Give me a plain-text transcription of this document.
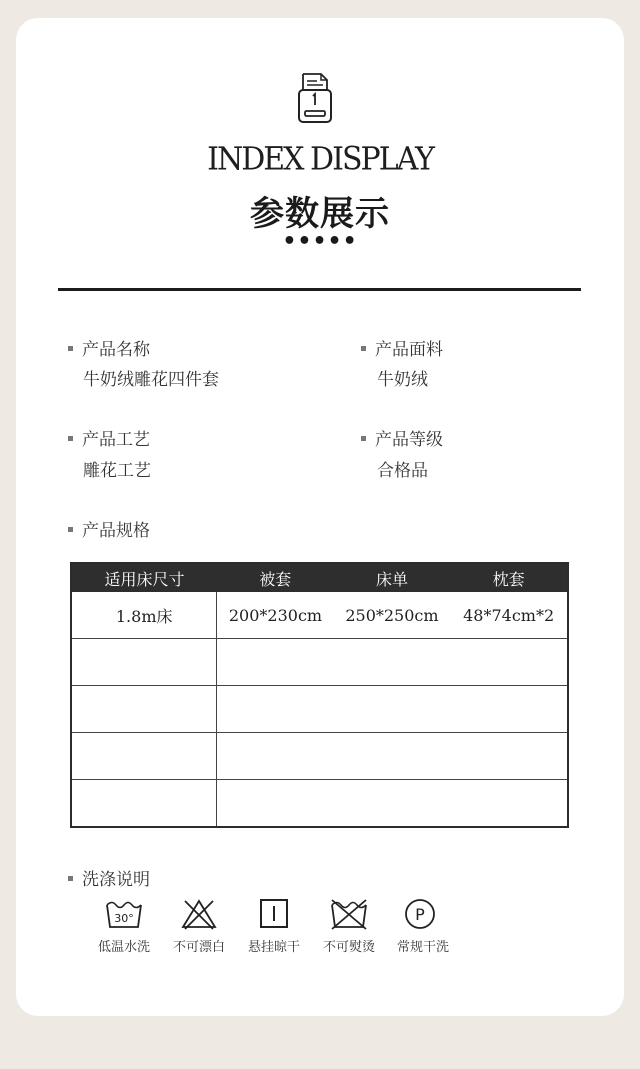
INDEX DISPLAY
参数展示
•••••
产品名称
牛奶绒雕花四件套
产品面料
牛奶绒
产品工艺
雕花工艺
产品等级
合格品
产品规格
适用床尺寸	被套	床单	枕套
1.8m床	200*230cm	250*250cm	48*74cm*2

洗涤说明
30°	P
低温水洗	不可漂白	悬挂晾干	不可熨烫	常规干洗
